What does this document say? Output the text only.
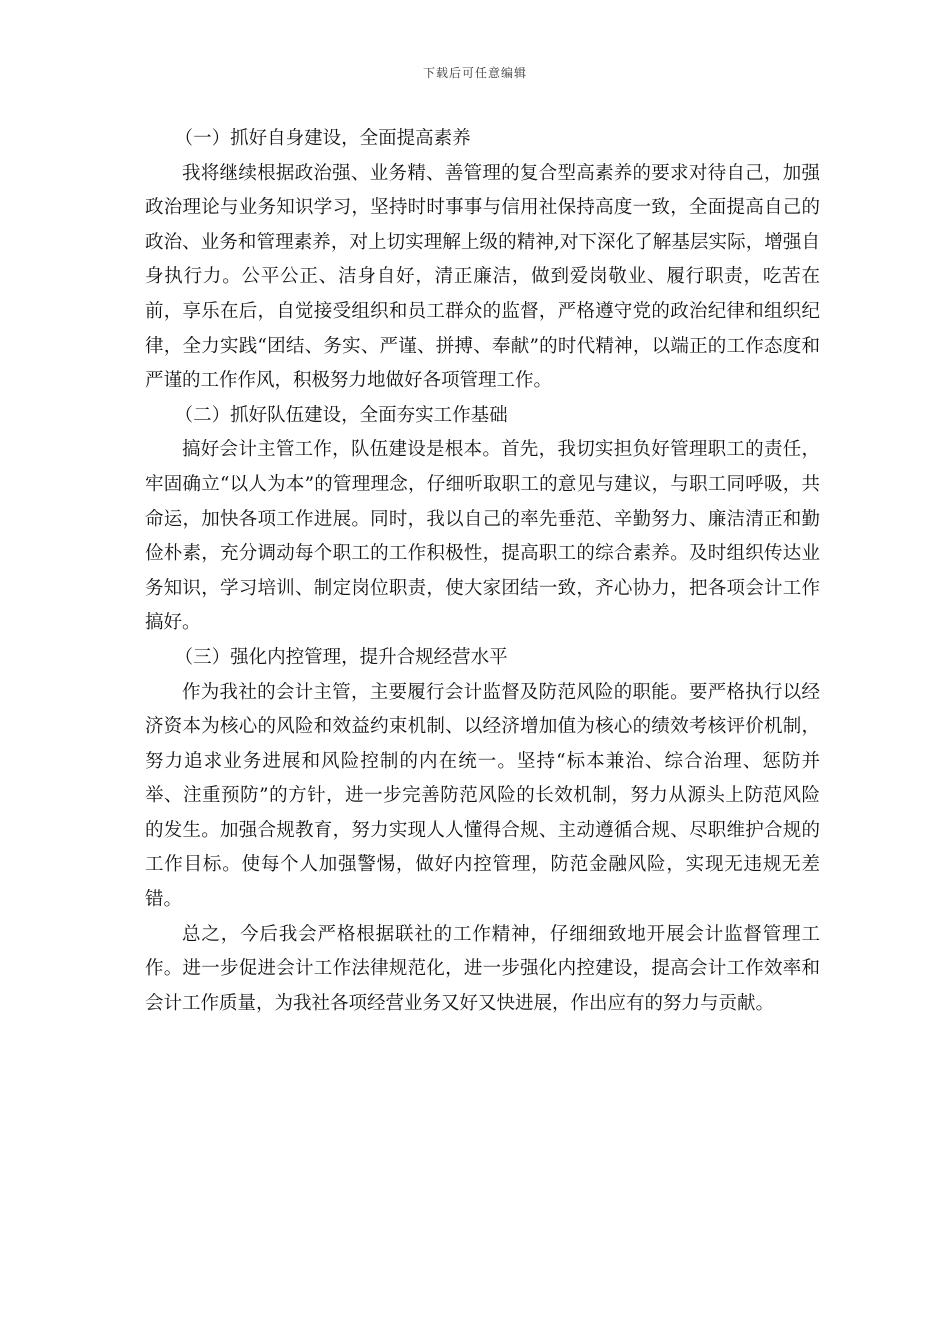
下载后可任意编辑

（一）抓好自身建设，全面提高素养

我将继续根据政治强、业务精、善管理的复合型高素养的要求对待自己，加强政治理论与业务知识学习，坚持时时事事与信用社保持高度一致，全面提高自己的政治、业务和管理素养，对上切实理解上级的精神,对下深化了解基层实际，增强自身执行力。公平公正、洁身自好，清正廉洁，做到爱岗敬业、履行职责，吃苦在前，享乐在后，自觉接受组织和员工群众的监督，严格遵守党的政治纪律和组织纪律，全力实践“团结、务实、严谨、拼搏、奉献”的时代精神，以端正的工作态度和严谨的工作作风，积极努力地做好各项管理工作。

（二）抓好队伍建设，全面夯实工作基础

搞好会计主管工作，队伍建设是根本。首先，我切实担负好管理职工的责任，牢固确立“以人为本”的管理理念，仔细听取职工的意见与建议，与职工同呼吸，共命运，加快各项工作进展。同时，我以自己的率先垂范、辛勤努力、廉洁清正和勤俭朴素，充分调动每个职工的工作积极性，提高职工的综合素养。及时组织传达业务知识，学习培训、制定岗位职责，使大家团结一致，齐心协力，把各项会计工作搞好。

（三）强化内控管理，提升合规经营水平

作为我社的会计主管，主要履行会计监督及防范风险的职能。要严格执行以经济资本为核心的风险和效益约束机制、以经济增加值为核心的绩效考核评价机制，努力追求业务进展和风险控制的内在统一。坚持“标本兼治、综合治理、惩防并举、注重预防”的方针，进一步完善防范风险的长效机制，努力从源头上防范风险的发生。加强合规教育，努力实现人人懂得合规、主动遵循合规、尽职维护合规的工作目标。使每个人加强警惕，做好内控管理，防范金融风险，实现无违规无差错。

总之，今后我会严格根据联社的工作精神，仔细细致地开展会计监督管理工作。进一步促进会计工作法律规范化，进一步强化内控建设，提高会计工作效率和会计工作质量，为我社各项经营业务又好又快进展，作出应有的努力与贡献。
